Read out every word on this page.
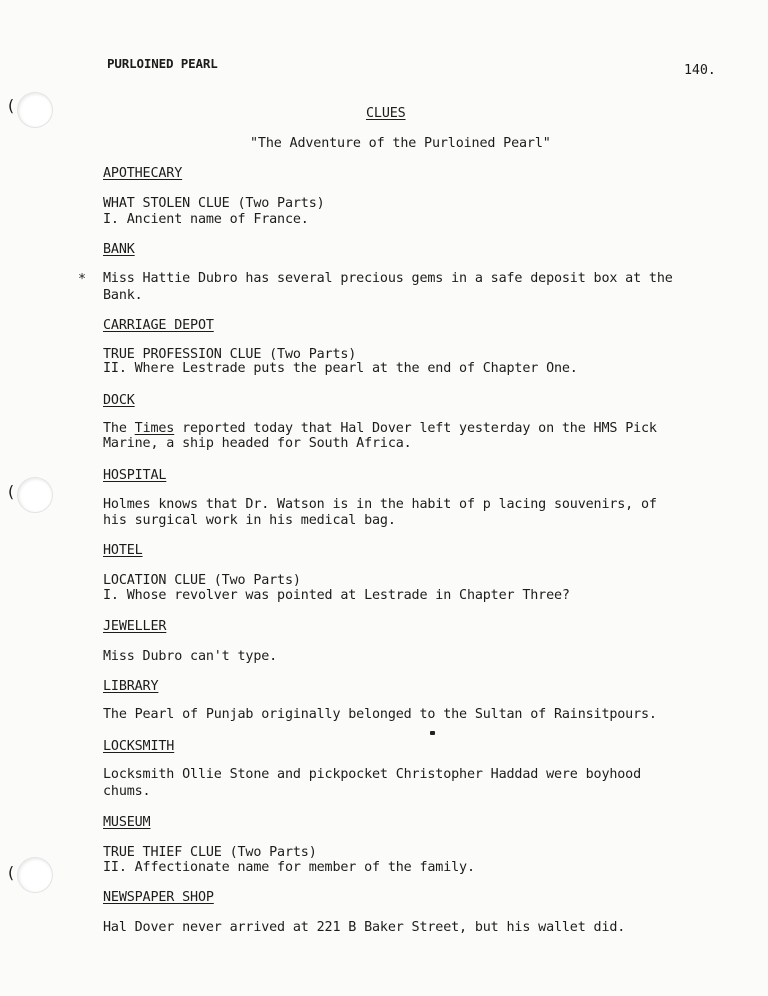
(
(
(
PURLOINED PEARL	140.
CLUES
"The Adventure of the Purloined Pearl"
APOTHECARY
WHAT STOLEN CLUE (Two Parts)
I. Ancient name of France.
BANK
* Miss Hattie Dubro has several precious gems in a safe deposit box at the
Bank.
CARRIAGE DEPOT
TRUE PROFESSION CLUE (Two Parts)
II. Where Lestrade puts the pearl at the end of Chapter One.
DOCK
The Times reported today that Hal Dover left yesterday on the HMS Pick
Marine, a ship headed for South Africa.
HOSPITAL
Holmes knows that Dr. Watson is in the habit of p lacing souvenirs, of
his surgical work in his medical bag.
HOTEL
LOCATION CLUE (Two Parts)
I. Whose revolver was pointed at Lestrade in Chapter Three?
JEWELLER
Miss Dubro can't type.
LIBRARY
The Pearl of Punjab originally belonged to the Sultan of Rainsitpours.
LOCKSMITH
Locksmith Ollie Stone and pickpocket Christopher Haddad were boyhood
chums.
MUSEUM
TRUE THIEF CLUE (Two Parts)
II. Affectionate name for member of the family.
NEWSPAPER SHOP
Hal Dover never arrived at 221 B Baker Street, but his wallet did.
